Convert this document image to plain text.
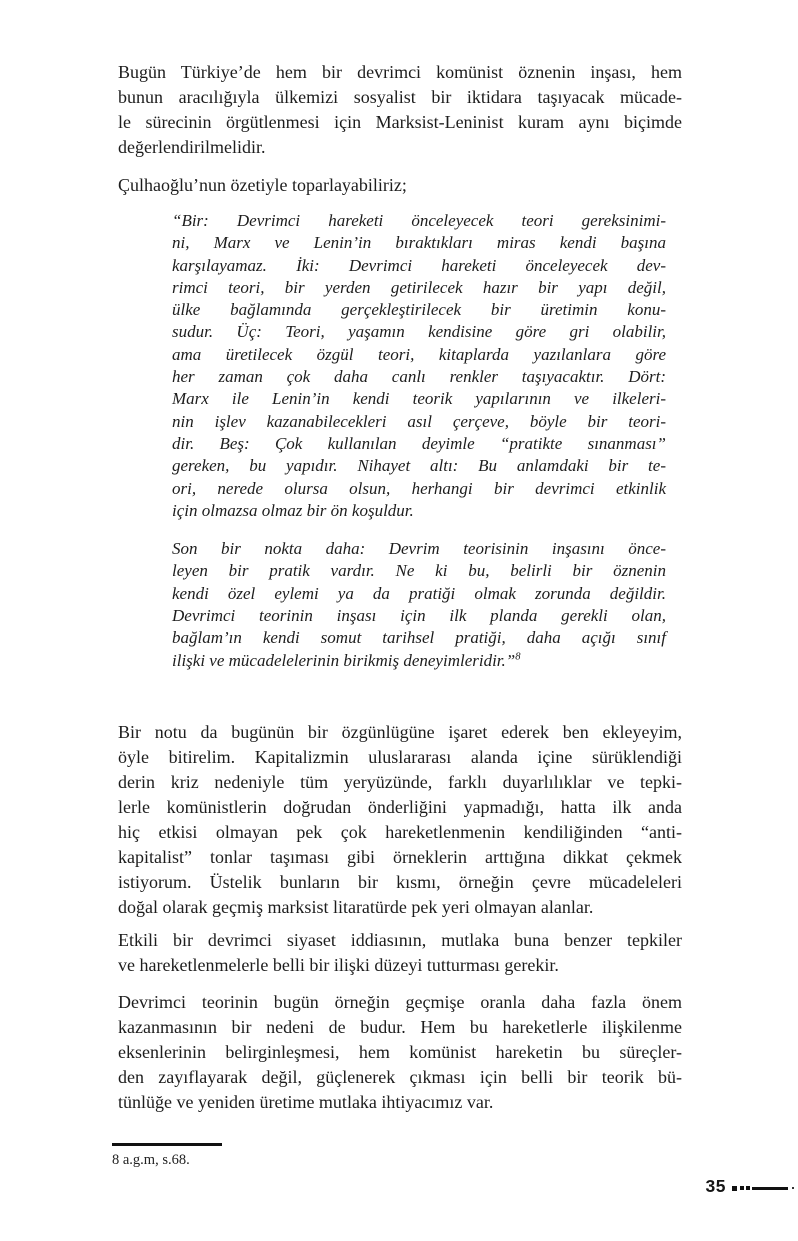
Bugün Türkiye’de hem bir devrimci komünist öznenin inşası, hem
bunun aracılığıyla ülkemizi sosyalist bir iktidara taşıyacak mücade-
le sürecinin örgütlenmesi için Marksist-Leninist kuram aynı biçimde
değerlendirilmelidir.
Çulhaoğlu’nun özetiyle toparlayabiliriz;
“Bir: Devrimci hareketi önceleyecek teori gereksinimi-
ni, Marx ve Lenin’in bıraktıkları miras kendi başına
karşılayamaz. İki: Devrimci hareketi önceleyecek dev-
rimci teori, bir yerden getirilecek hazır bir yapı değil,
ülke bağlamında gerçekleştirilecek bir üretimin konu-
sudur. Üç: Teori, yaşamın kendisine göre gri olabilir,
ama üretilecek özgül teori, kitaplarda yazılanlara göre
her zaman çok daha canlı renkler taşıyacaktır. Dört:
Marx ile Lenin’in kendi teorik yapılarının ve ilkeleri-
nin işlev kazanabilecekleri asıl çerçeve, böyle bir teori-
dir. Beş: Çok kullanılan deyimle “pratikte sınanması”
gereken, bu yapıdır. Nihayet altı: Bu anlamdaki bir te-
ori, nerede olursa olsun, herhangi bir devrimci etkinlik
için olmazsa olmaz bir ön koşuldur.
Son bir nokta daha: Devrim teorisinin inşasını önce-
leyen bir pratik vardır. Ne ki bu, belirli bir öznenin
kendi özel eylemi ya da pratiği olmak zorunda değildir.
Devrimci teorinin inşası için ilk planda gerekli olan,
bağlam’ın kendi somut tarihsel pratiği, daha açığı sınıf
ilişki ve mücadelelerinin birikmiş deneyimleridir.”$^8$
Bir notu da bugünün bir özgünlügüne işaret ederek ben ekleyeyim,
öyle bitirelim. Kapitalizmin uluslararası alanda içine sürüklendiği
derin kriz nedeniyle tüm yeryüzünde, farklı duyarlılıklar ve tepki-
lerle komünistlerin doğrudan önderliğini yapmadığı, hatta ilk anda
hiç etkisi olmayan pek çok hareketlenmenin kendiliğinden “anti-
kapitalist” tonlar taşıması gibi örneklerin arttığına dikkat çekmek
istiyorum. Üstelik bunların bir kısmı, örneğin çevre mücadeleleri
doğal olarak geçmiş marksist litaratürde pek yeri olmayan alanlar.
Etkili bir devrimci siyaset iddiasının, mutlaka buna benzer tepkiler
ve hareketlenmelerle belli bir ilişki düzeyi tutturması gerekir.
Devrimci teorinin bugün örneğin geçmişe oranla daha fazla önem
kazanmasının bir nedeni de budur. Hem bu hareketlerle ilişkilenme
eksenlerinin belirginleşmesi, hem komünist hareketin bu süreçler-
den zayıflayarak değil, güçlenerek çıkması için belli bir teorik bü-
tünlüğe ve yeniden üretime mutlaka ihtiyacımız var.
8 a.g.m, s.68.
35
